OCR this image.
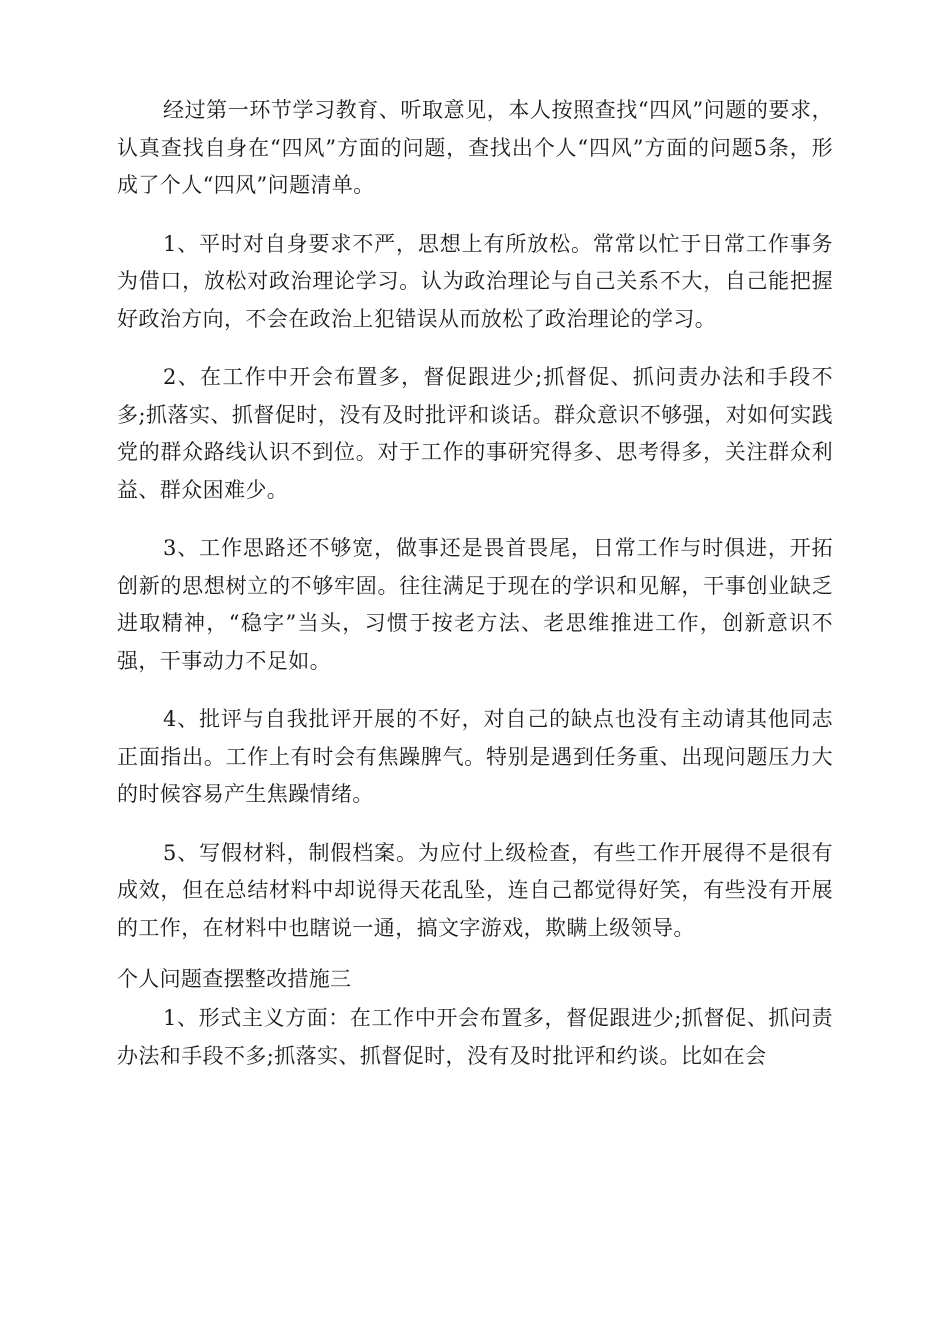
经过第一环节学习教育、听取意见，本人按照查找“四风”问题的要求，认真查找自身在“四风”方面的问题，查找出个人“四风”方面的问题5条，形成了个人“四风”问题清单。

1、平时对自身要求不严，思想上有所放松。常常以忙于日常工作事务为借口，放松对政治理论学习。认为政治理论与自己关系不大，自己能把握好政治方向，不会在政治上犯错误从而放松了政治理论的学习。

2、在工作中开会布置多，督促跟进少;抓督促、抓问责办法和手段不多;抓落实、抓督促时，没有及时批评和谈话。群众意识不够强，对如何实践党的群众路线认识不到位。对于工作的事研究得多、思考得多，关注群众利益、群众困难少。

3、工作思路还不够宽，做事还是畏首畏尾，日常工作与时俱进，开拓创新的思想树立的不够牢固。往往满足于现在的学识和见解，干事创业缺乏进取精神，“稳字”当头，习惯于按老方法、老思维推进工作，创新意识不强，干事动力不足如。

4、批评与自我批评开展的不好，对自己的缺点也没有主动请其他同志正面指出。工作上有时会有焦躁脾气。特别是遇到任务重、出现问题压力大的时候容易产生焦躁情绪。

5、写假材料，制假档案。为应付上级检查，有些工作开展得不是很有成效，但在总结材料中却说得天花乱坠，连自己都觉得好笑，有些没有开展的工作，在材料中也瞎说一通，搞文字游戏，欺瞒上级领导。

个人问题查摆整改措施三

1、形式主义方面：在工作中开会布置多，督促跟进少;抓督促、抓问责办法和手段不多;抓落实、抓督促时，没有及时批评和约谈。比如在会
